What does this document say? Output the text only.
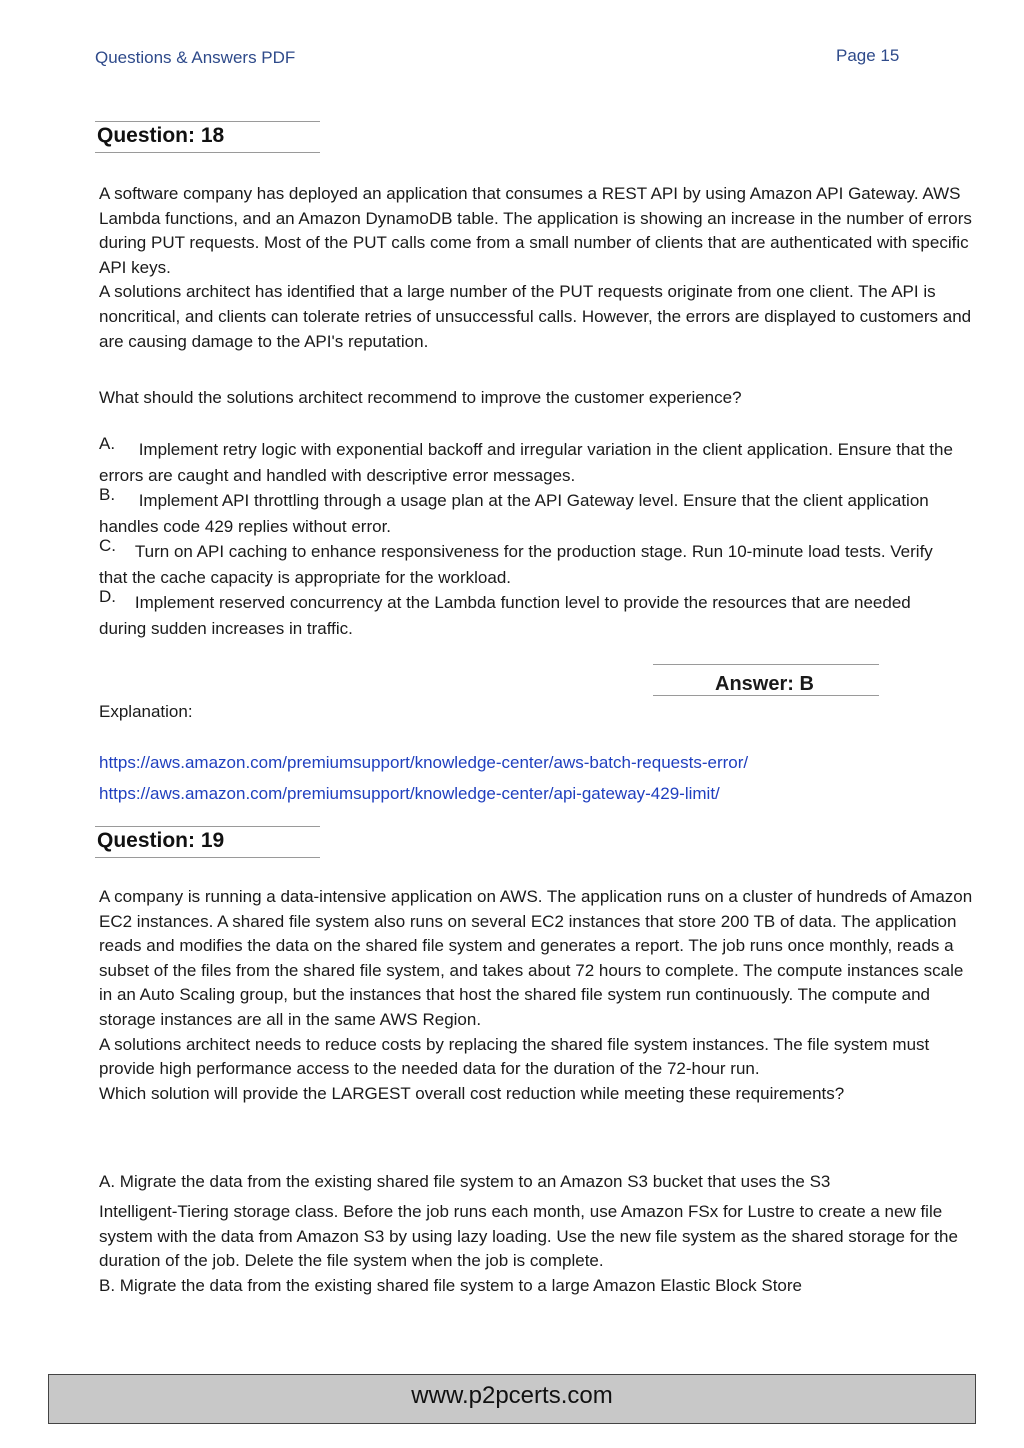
Questions & Answers PDF	Page 15
Question: 18

A software company has deployed an application that consumes a REST API by using Amazon API Gateway. AWS Lambda functions, and an Amazon DynamoDB table. The application is showing an increase in the number of errors during PUT requests. Most of the PUT calls come from a small number of clients that are authenticated with specific API keys.

A solutions architect has identified that a large number of the PUT requests originate from one client. The API is noncritical, and clients can tolerate retries of unsuccessful calls. However, the errors are displayed to customers and are causing damage to the API's reputation.

What should the solutions architect recommend to improve the customer experience?
A. Implement retry logic with exponential backoff and irregular variation in the client application. Ensure that the errors are caught and handled with descriptive error messages.
B. Implement API throttling through a usage plan at the API Gateway level. Ensure that the client application handles code 429 replies without error.
C. Turn on API caching to enhance responsiveness for the production stage. Run 10-minute load tests. Verify that the cache capacity is appropriate for the workload.
D. Implement reserved concurrency at the Lambda function level to provide the resources that are needed during sudden increases in traffic.
Answer: B
Explanation:
https://aws.amazon.com/premiumsupport/knowledge-center/aws-batch-requests-error/
https://aws.amazon.com/premiumsupport/knowledge-center/api-gateway-429-limit/
Question: 19

A company is running a data-intensive application on AWS. The application runs on a cluster of hundreds of Amazon EC2 instances. A shared file system also runs on several EC2 instances that store 200 TB of data. The application reads and modifies the data on the shared file system and generates a report. The job runs once monthly, reads a subset of the files from the shared file system, and takes about 72 hours to complete. The compute instances scale in an Auto Scaling group, but the instances that host the shared file system run continuously. The compute and storage instances are all in the same AWS Region.

A solutions architect needs to reduce costs by replacing the shared file system instances. The file system must provide high performance access to the needed data for the duration of the 72-hour run.

Which solution will provide the LARGEST overall cost reduction while meeting these requirements?

A. Migrate the data from the existing shared file system to an Amazon S3 bucket that uses the S3

Intelligent-Tiering storage class. Before the job runs each month, use Amazon FSx for Lustre to create a new file system with the data from Amazon S3 by using lazy loading. Use the new file system as the shared storage for the duration of the job. Delete the file system when the job is complete.

B. Migrate the data from the existing shared file system to a large Amazon Elastic Block Store

www.p2pcerts.com
